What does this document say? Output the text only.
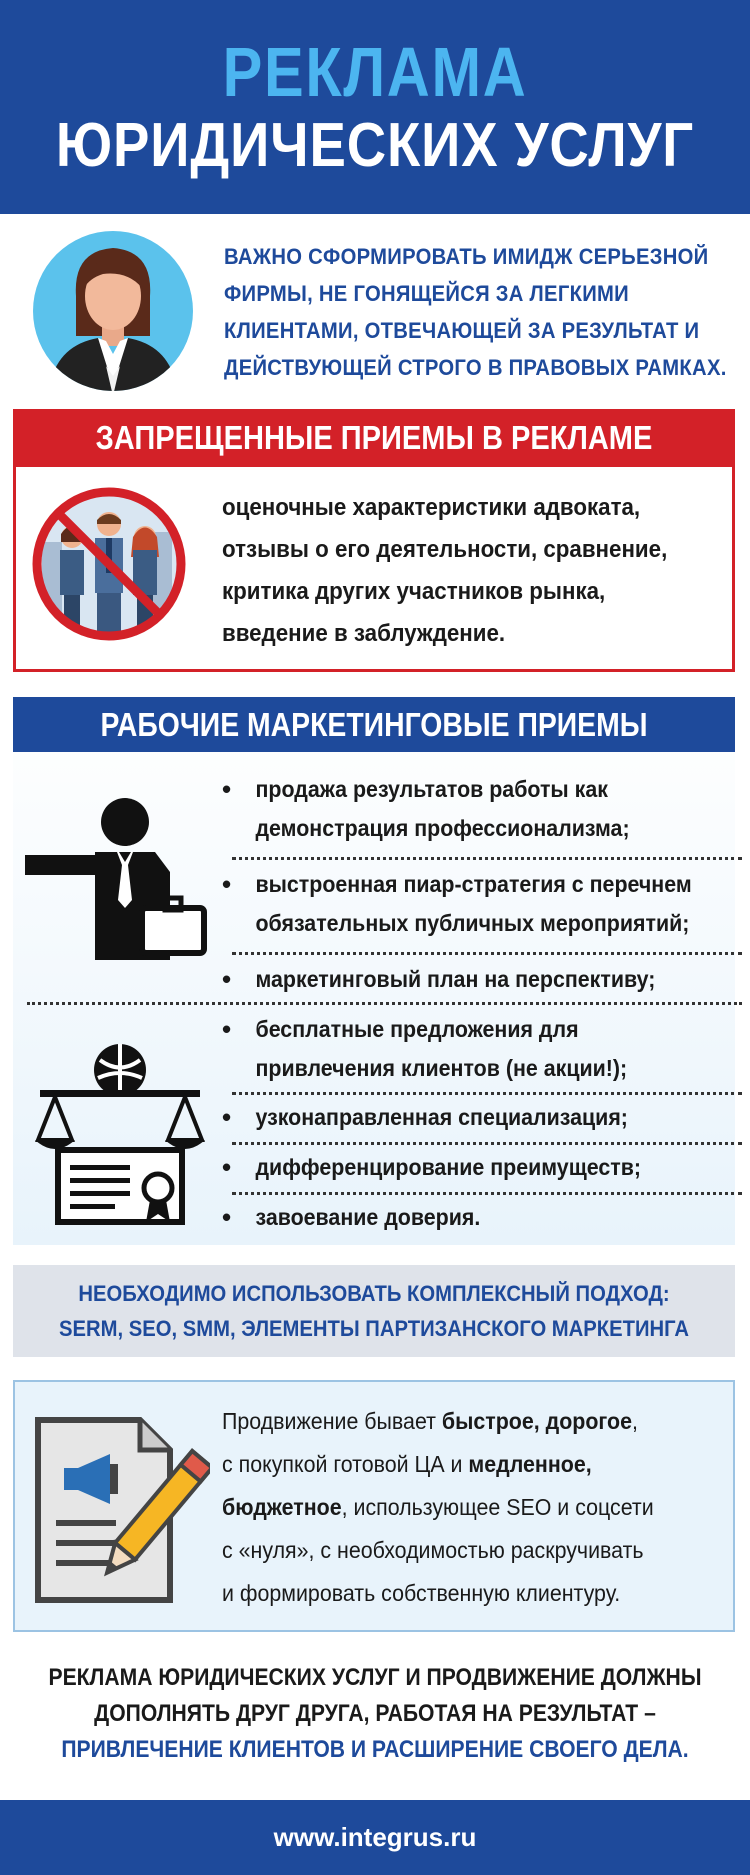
РЕКЛАМА
ЮРИДИЧЕСКИХ УСЛУГ
ВАЖНО СФОРМИРОВАТЬ ИМИДЖ СЕРЬЕЗНОЙ
ФИРМЫ, НЕ ГОНЯЩЕЙСЯ ЗА ЛЕГКИМИ
КЛИЕНТАМИ, ОТВЕЧАЮЩЕЙ ЗА РЕЗУЛЬТАТ И
ДЕЙСТВУЮЩЕЙ СТРОГО В ПРАВОВЫХ РАМКАХ.
ЗАПРЕЩЕННЫЕ ПРИЕМЫ В РЕКЛАМЕ
оценочные характеристики адвоката,
отзывы о его деятельности, сравнение,
критика других участников рынка,
введение в заблуждение.
РАБОЧИЕ МАРКЕТИНГОВЫЕ ПРИЕМЫ
• продажа результатов работы как
демонстрация профессионализма;
• выстроенная пиар-стратегия с перечнем
обязательных публичных мероприятий;
• маркетинговый план на перспективу;
• бесплатные предложения для
привлечения клиентов (не акции!);
• узконаправленная специализация;
• дифференцирование преимуществ;
• завоевание доверия.
НЕОБХОДИМО ИСПОЛЬЗОВАТЬ КОМПЛЕКСНЫЙ ПОДХОД:
SERM, SEO, SMM, ЭЛЕМЕНТЫ ПАРТИЗАНСКОГО МАРКЕТИНГА
Продвижение бывает быстрое, дорогое,
с покупкой готовой ЦА и медленное,
бюджетное, использующее SEO и соцсети
с «нуля», с необходимостью раскручивать
и формировать собственную клиентуру.
РЕКЛАМА ЮРИДИЧЕСКИХ УСЛУГ И ПРОДВИЖЕНИЕ ДОЛЖНЫ
ДОПОЛНЯТЬ ДРУГ ДРУГА, РАБОТАЯ НА РЕЗУЛЬТАТ –
ПРИВЛЕЧЕНИЕ КЛИЕНТОВ И РАСШИРЕНИЕ СВОЕГО ДЕЛА.
www.integrus.ru
